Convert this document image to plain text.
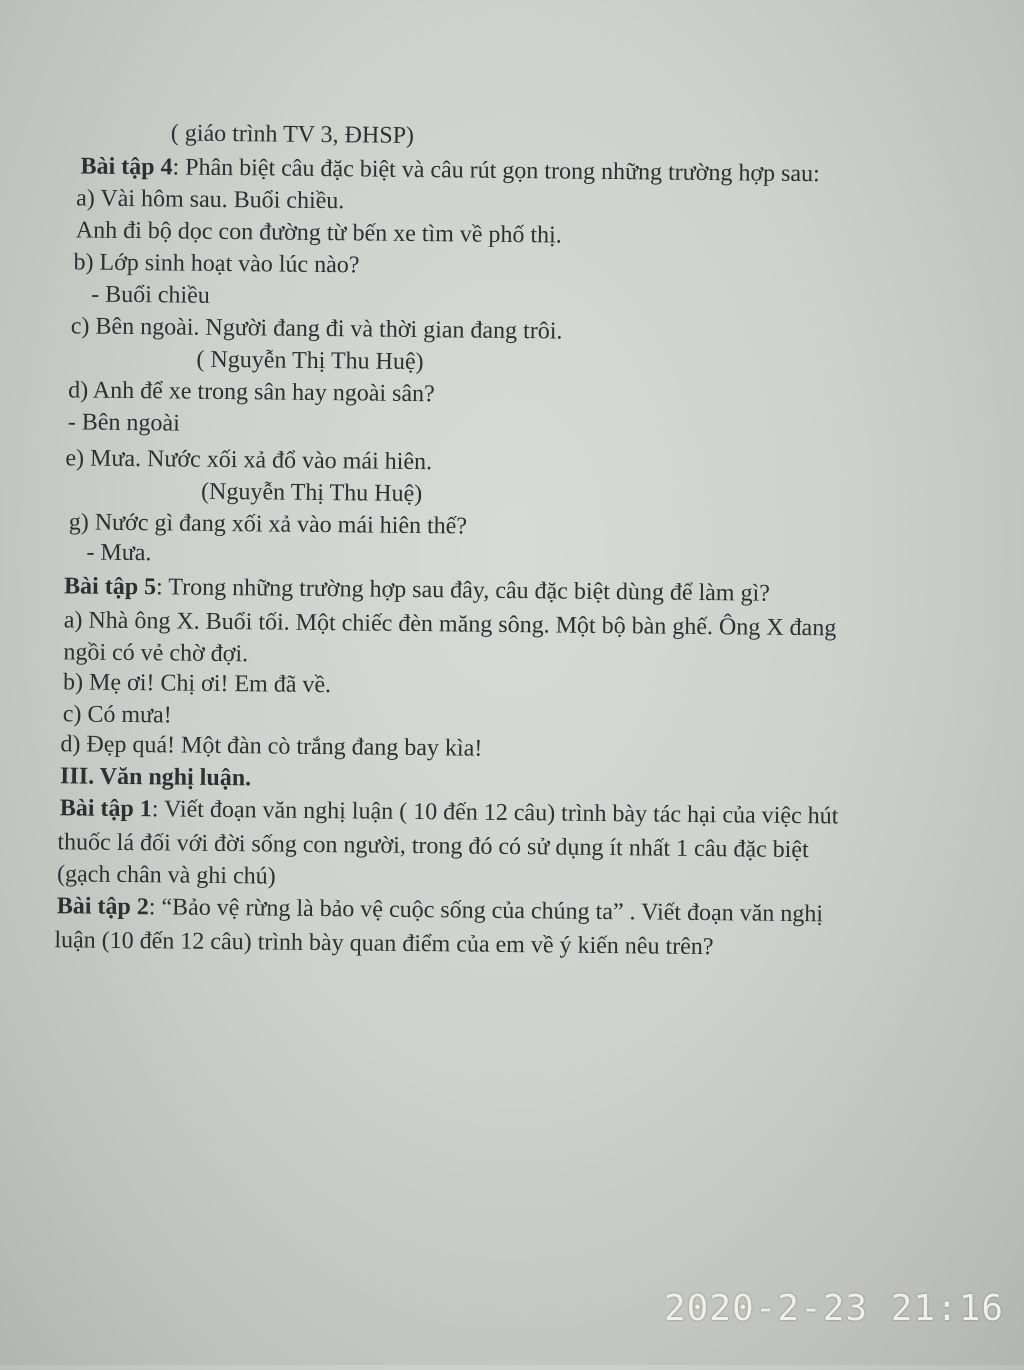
( giáo trình TV 3, ĐHSP)
Bài tập 4: Phân biệt câu đặc biệt và câu rút gọn trong những trường hợp sau:
a) Vài hôm sau. Buổi chiều.
Anh đi bộ dọc con đường từ bến xe tìm về phố thị.
b) Lớp sinh hoạt vào lúc nào?
- Buổi chiều
c) Bên ngoài. Người đang đi và thời gian đang trôi.
( Nguyễn Thị Thu Huệ)
d) Anh để xe trong sân hay ngoài sân?
- Bên ngoài
e) Mưa. Nước xối xả đổ vào mái hiên.
(Nguyễn Thị Thu Huệ)
g) Nước gì đang xối xả vào mái hiên thế?
- Mưa.
Bài tập 5: Trong những trường hợp sau đây, câu đặc biệt dùng để làm gì?
a) Nhà ông X. Buổi tối. Một chiếc đèn măng sông. Một bộ bàn ghế. Ông X đang
ngồi có vẻ chờ đợi.
b) Mẹ ơi! Chị ơi! Em đã về.
c) Có mưa!
d) Đẹp quá! Một đàn cò trắng đang bay kìa!
III. Văn nghị luận.
Bài tập 1: Viết đoạn văn nghị luận ( 10 đến 12 câu) trình bày tác hại của việc hút
thuốc lá đối với đời sống con người, trong đó có sử dụng ít nhất 1 câu đặc biệt
(gạch chân và ghi chú)
Bài tập 2: “Bảo vệ rừng là bảo vệ cuộc sống của chúng ta” . Viết đoạn văn nghị
luận (10 đến 12 câu) trình bày quan điểm của em về ý kiến nêu trên?
2020-2-23 21:16
